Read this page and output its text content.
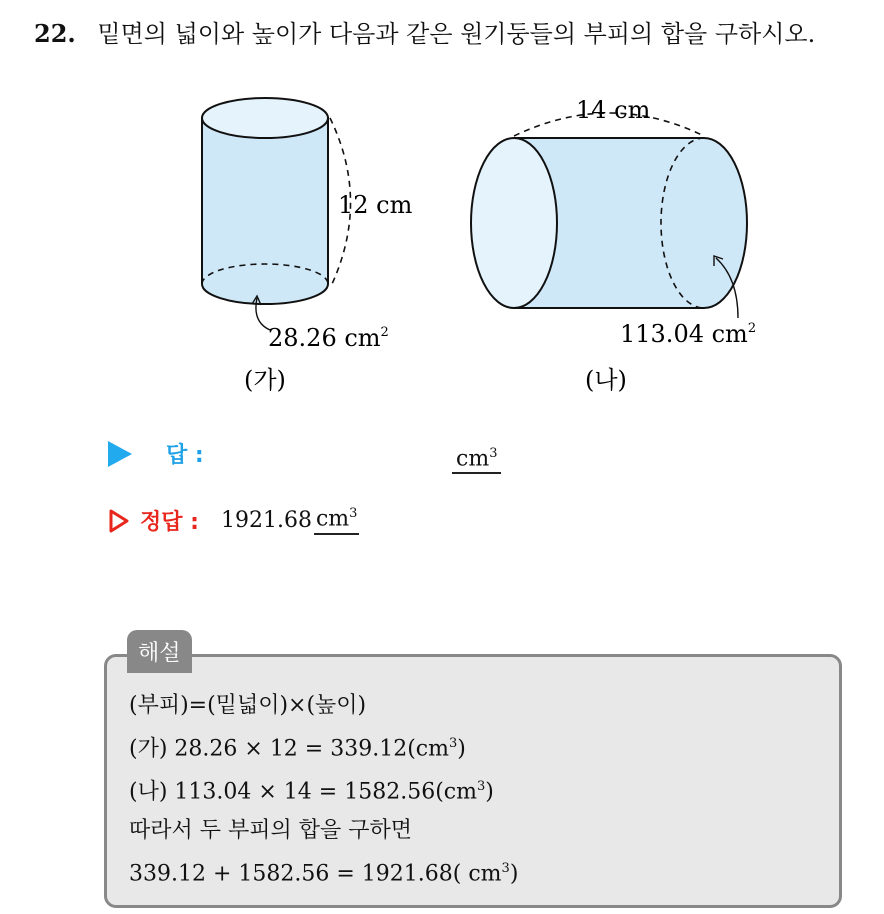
22. 밑면의 넓이와 높이가 다음과 같은 원기둥들의 부피의 합을 구하시오.
12 cm
28.26 $cm^2$
(가)
14 cm
113.04 $cm^2$
(나)
답 :	$cm^3$
정답 : 1921.68 $cm^3$
(부피)=(밑넓이)×(높이)
(가) $28.26 \times 12 = 339.12(cm^3)$
(나) $113.04 \times 14 = 1582.56(cm^3)$
따라서 두 부피의 합을 구하면
339.12 + 1582.56 = 1921.68( $cm^3$)
해설
